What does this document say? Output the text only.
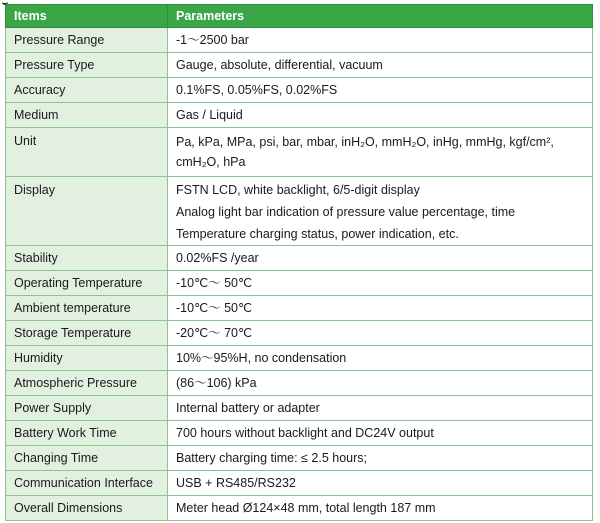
Items	Parameters

Pressure Range	-1～2500 bar

Pressure Type	Gauge, absolute, differential, vacuum

Accuracy	0.1%FS, 0.05%FS, 0.02%FS

Medium	Gas / Liquid

Unit	Pa, kPa, MPa, psi, bar, mbar, inH₂O, mmH₂O, inHg, mmHg, kgf/cm²,
cmH₂O, hPa

Display	FSTN LCD, white backlight, 6/5-digit display
Analog light bar indication of pressure value percentage, time
Temperature charging status, power indication, etc.

Stability	0.02%FS /year

Operating Temperature	-10℃～ 50℃

Ambient temperature	-10℃～ 50℃

Storage Temperature	-20℃～ 70℃

Humidity	10%～95%H, no condensation

Atmospheric Pressure	(86～106) kPa

Power Supply	Internal battery or adapter

Battery Work Time	700 hours without backlight and DC24V output

Changing Time	Battery charging time: ≤ 2.5 hours;

Communication Interface	USB + RS485/RS232

Overall Dimensions	Meter head Ø124×48 mm, total length 187 mm
